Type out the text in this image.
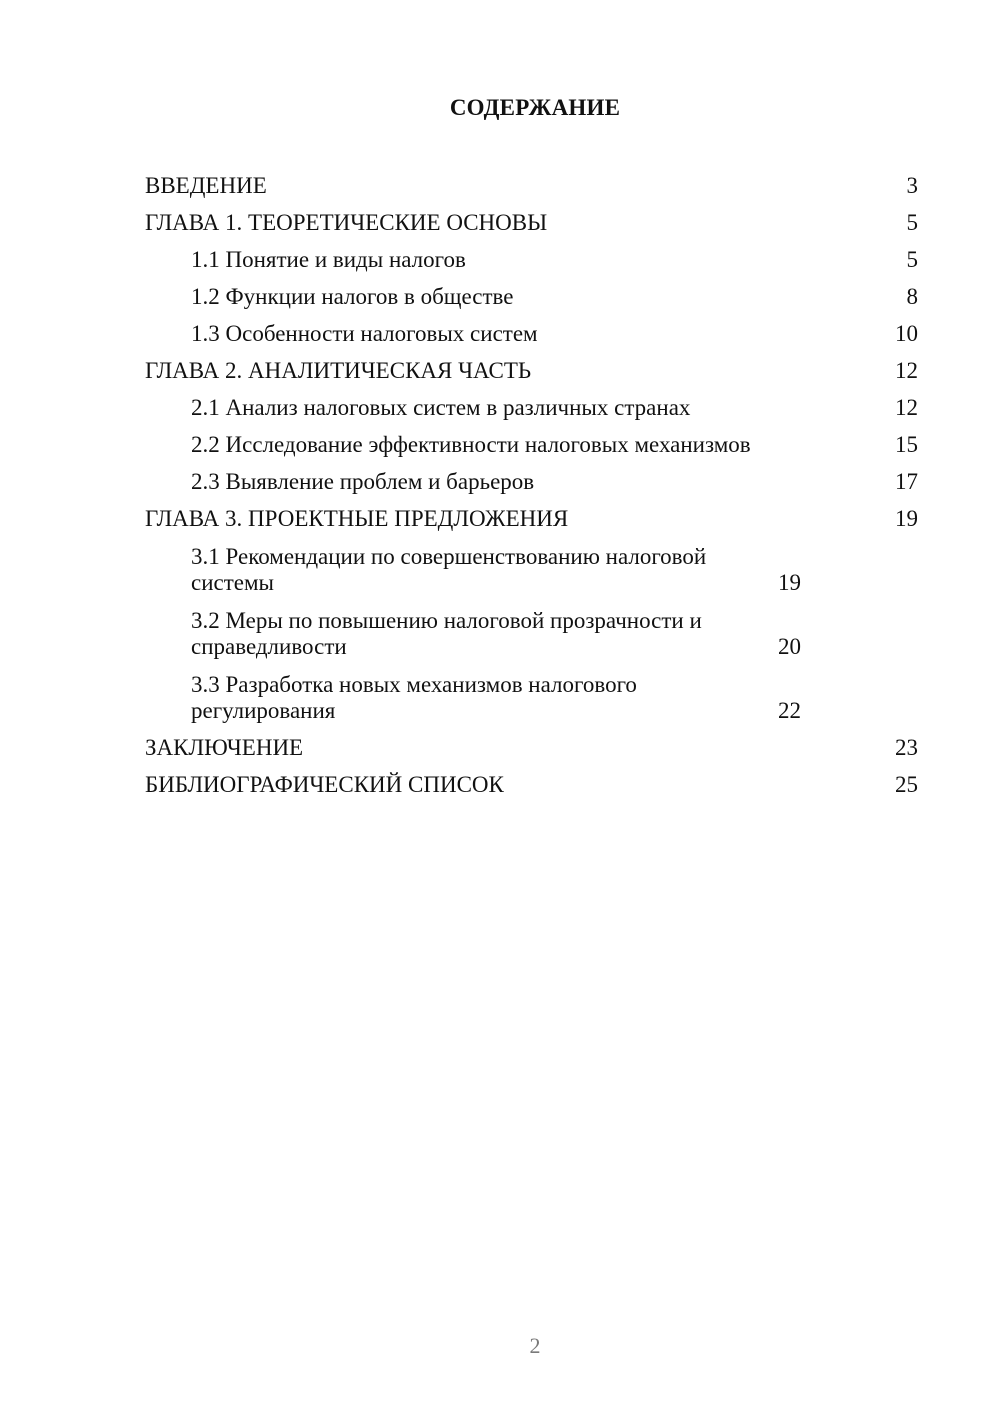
СОДЕРЖАНИЕ
ВВЕДЕНИЕ	3
ГЛАВА 1. ТЕОРЕТИЧЕСКИЕ ОСНОВЫ	5
1.1 Понятие и виды налогов	5
1.2 Функции налогов в обществе	8
1.3 Особенности налоговых систем	10
ГЛАВА 2. АНАЛИТИЧЕСКАЯ ЧАСТЬ	12
2.1 Анализ налоговых систем в различных странах	12
2.2 Исследование эффективности налоговых механизмов	15
2.3 Выявление проблем и барьеров	17
ГЛАВА 3. ПРОЕКТНЫЕ ПРЕДЛОЖЕНИЯ	19
3.1 Рекомендации по совершенствованию налоговой системы	19
3.2 Меры по повышению налоговой прозрачности и справедливости	20
3.3 Разработка новых механизмов налогового регулирования	22
ЗАКЛЮЧЕНИЕ	23
БИБЛИОГРАФИЧЕСКИЙ СПИСОК	25
2
